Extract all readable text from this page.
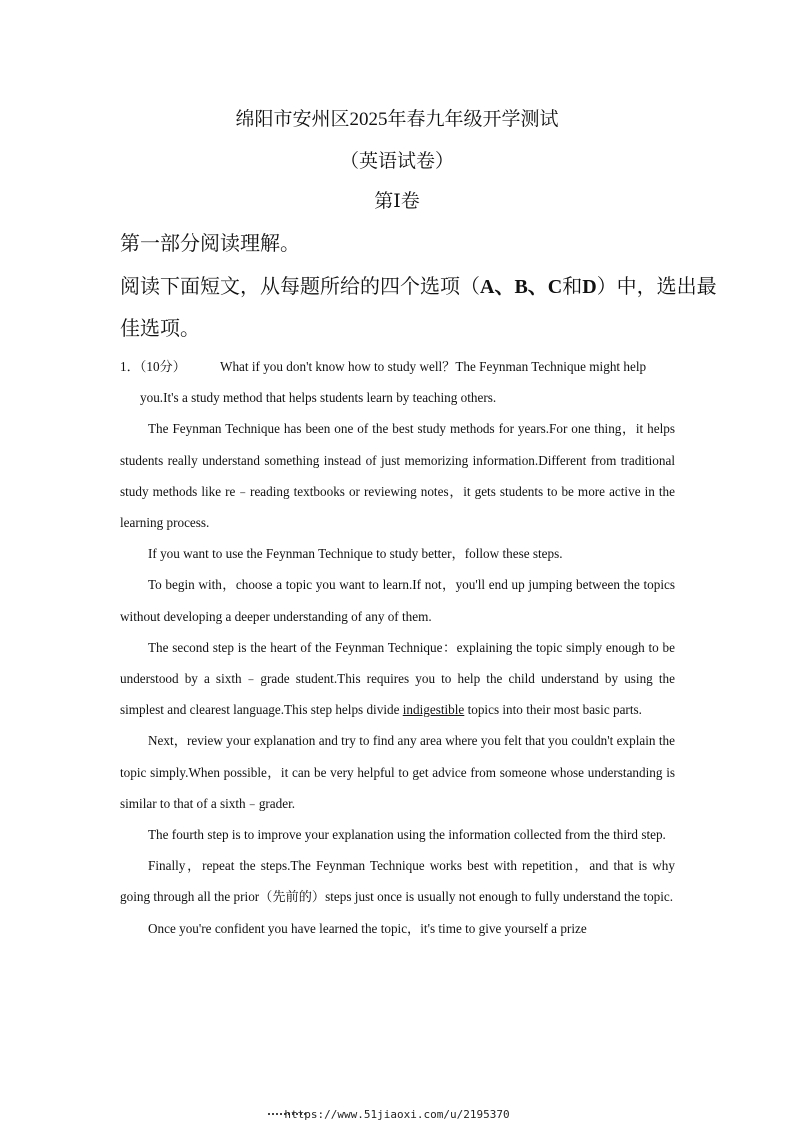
绵阳市安州区2025年春九年级开学测试
（英语试卷）
第Ⅰ卷
第一部分阅读理解。
阅读下面短文，从每题所给的四个选项（A、B、C和D）中，选出最佳选项。

1．（10分）	What if you don't know how to study well？The Feynman Technique might help

you.It's a study method that helps students learn by teaching others.

The Feynman Technique has been one of the best study methods for years.For one thing，it helps students really understand something instead of just memorizing information.Different from traditional study methods like re﹣reading textbooks or reviewing notes，it gets students to be more active in the learning process.

If you want to use the Feynman Technique to study better，follow these steps.

To begin with，choose a topic you want to learn.If not，you'll end up jumping between the topics without developing a deeper understanding of any of them.

The second step is the heart of the Feynman Technique：explaining the topic simply enough to be understood by a sixth﹣grade student.This requires you to help the child understand by using the simplest and clearest language.This step helps divide indigestible topics into their most basic parts.

Next，review your explanation and try to find any area where you felt that you couldn't explain the topic simply.When possible，it can be very helpful to get advice from someone whose understanding is similar to that of a sixth﹣grader.

The fourth step is to improve your explanation using the information collected from the third step.

Finally，repeat the steps.The Feynman Technique works best with repetition，and that is why going through all the prior（先前的）steps just once is usually not enough to fully understand the topic.

Once you're confident you have learned the topic，it's time to give yourself a prize

https://www.51jiaoxi.com/u/2195370
